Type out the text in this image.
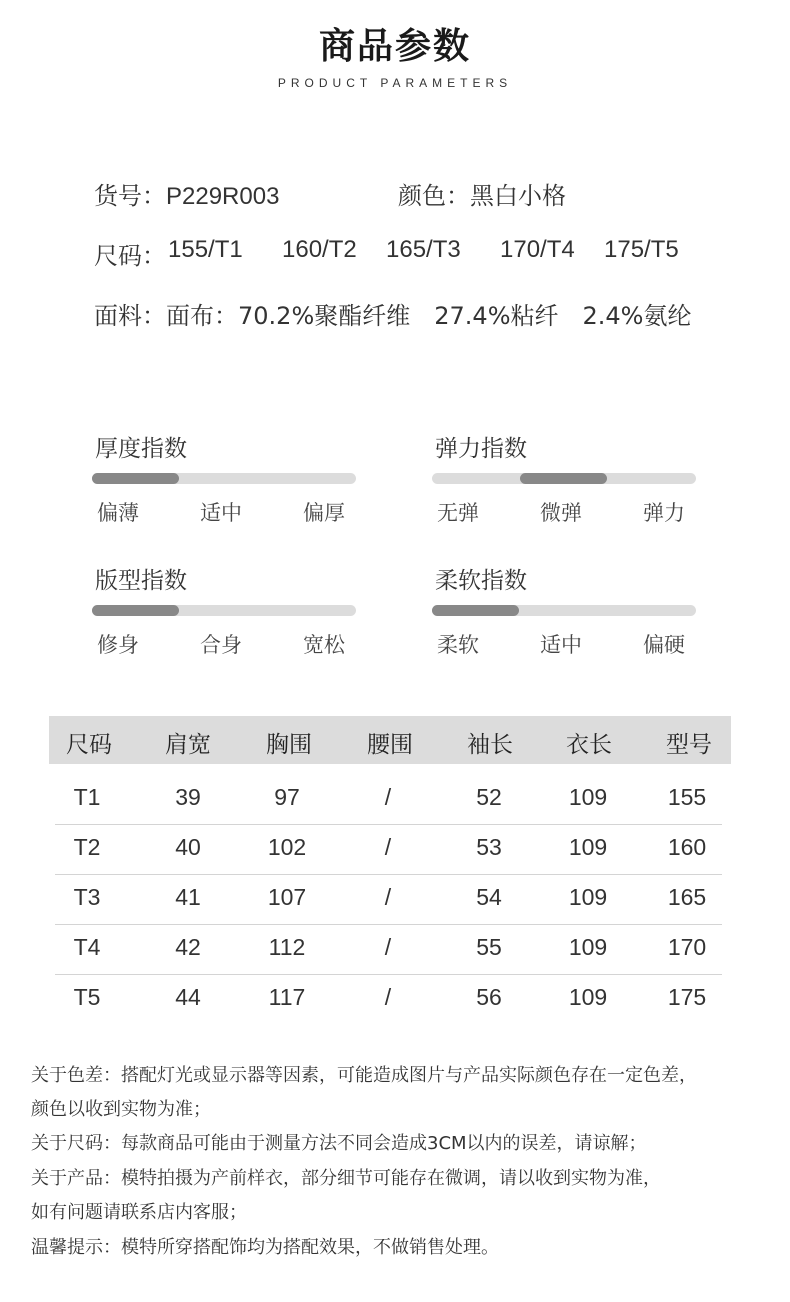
商品参数
PRODUCT PARAMETERS
货号：P229R003	颜色：黑白小格
尺码： 155/T1 160/T2 165/T3 170/T4 175/T5
面料：面布：70.2%聚酯纤维 27.4%粘纤 2.4%氨纶
厚度指数
偏薄	适中	偏厚
弹力指数
无弹	微弹	弹力
版型指数
修身	合身	宽松
柔软指数
柔软	适中	偏硬
尺码	肩宽	胸围	腰围	袖长	衣长	型号
T1	39	97	/	52	109	155
T2	40	102	/	53	109	160
T3	41	107	/	54	109	165
T4	42	112	/	55	109	170
T5	44	117	/	56	109	175
关于色差：搭配灯光或显示器等因素，可能造成图片与产品实际颜色存在一定色差，
颜色以收到实物为准；
关于尺码：每款商品可能由于测量方法不同会造成3CM以内的误差，请谅解；
关于产品：模特拍摄为产前样衣，部分细节可能存在微调，请以收到实物为准，
如有问题请联系店内客服；
温馨提示：模特所穿搭配饰均为搭配效果，不做销售处理。
